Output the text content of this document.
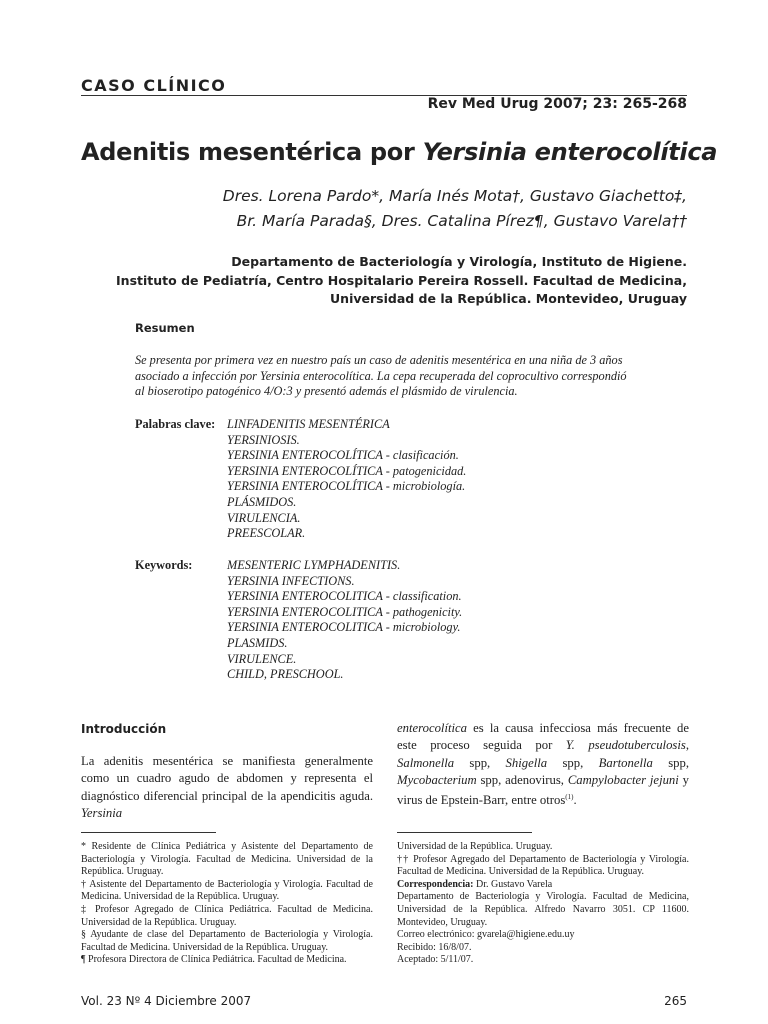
CASO CLÍNICO
Rev Med Urug 2007; 23: 265-268
Adenitis mesentérica por Yersinia enterocolítica
Dres. Lorena Pardo*, María Inés Mota†, Gustavo Giachetto‡,
Br. María Parada§, Dres. Catalina Pírez¶, Gustavo Varela††
Departamento de Bacteriología y Virología, Instituto de Higiene.
Instituto de Pediatría, Centro Hospitalario Pereira Rossell. Facultad de Medicina,
Universidad de la República. Montevideo, Uruguay
Resumen
Se presenta por primera vez en nuestro país un caso de adenitis mesentérica en una niña de 3 años asociado a infección por Yersinia enterocolítica. La cepa recuperada del coprocultivo correspondió al bioserotipo patogénico 4/O:3 y presentó además el plásmido de virulencia.
Palabras clave: LINFADENITIS MESENTÉRICA
YERSINIOSIS.
YERSINIA ENTEROCOLÍTICA - clasificación.
YERSINIA ENTEROCOLÍTICA - patogenicidad.
YERSINIA ENTEROCOLÍTICA - microbiología.
PLÁSMIDOS.
VIRULENCIA.
PREESCOLAR.
Keywords:	MESENTERIC LYMPHADENITIS.
YERSINIA INFECTIONS.
YERSINIA ENTEROCOLITICA - classification.
YERSINIA ENTEROCOLITICA - pathogenicity.
YERSINIA ENTEROCOLITICA - microbiology.
PLASMIDS.
VIRULENCE.
CHILD, PRESCHOOL.
Introducción
La adenitis mesentérica se manifiesta generalmente como un cuadro agudo de abdomen y representa el diagnóstico diferencial principal de la apendicitis aguda. Yersinia
enterocolítica es la causa infecciosa más frecuente de este proceso seguida por Y. pseudotuberculosis, Salmonella spp, Shigella spp, Bartonella spp, Mycobacterium spp, adenovirus, Campylobacter jejuni y virus de Epstein-Barr, entre otros$^{(1)}$.

* Residente de Clínica Pediátrica y Asistente del Departamento de Bacteriología y Virología. Facultad de Medicina. Universidad de la República. Uruguay.

† Asistente del Departamento de Bacteriología y Virología. Facultad de Medicina. Universidad de la República. Uruguay.

‡ Profesor Agregado de Clínica Pediátrica. Facultad de Medicina. Universidad de la República. Uruguay.

§ Ayudante de clase del Departamento de Bacteriología y Virología. Facultad de Medicina. Universidad de la República. Uruguay.

¶ Profesora Directora de Clínica Pediátrica. Facultad de Medicina.

Universidad de la República. Uruguay.

†† Profesor Agregado del Departamento de Bacteriología y Virología. Facultad de Medicina. Universidad de la República. Uruguay.

Correspondencia: Dr. Gustavo Varela

Departamento de Bacteriología y Virología. Facultad de Medicina, Universidad de la República. Alfredo Navarro 3051. CP 11600. Montevideo, Uruguay.

Correo electrónico: gvarela@higiene.edu.uy

Recibido: 16/8/07.

Aceptado: 5/11/07.

Vol. 23 Nº 4 Diciembre 2007	265
